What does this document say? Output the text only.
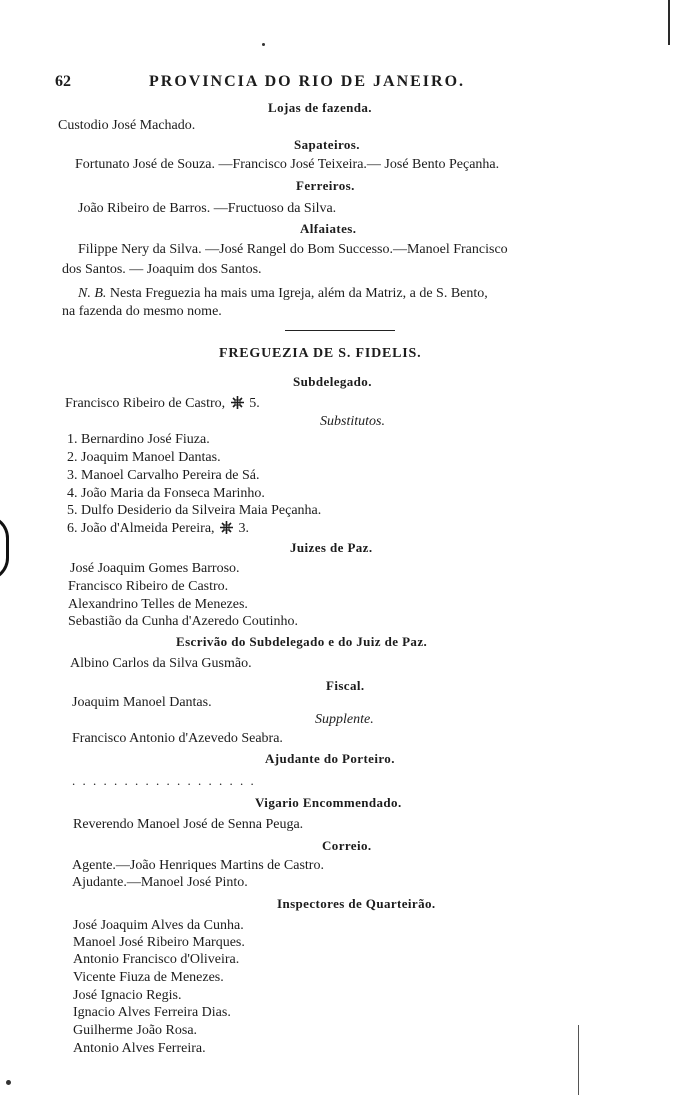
62	PROVINCIA DO RIO DE JANEIRO.
Lojas de fazenda.
Custodio José Machado.
Sapateiros.
Fortunato José de Souza. —Francisco José Teixeira.— José Bento Peçanha.
Ferreiros.
João Ribeiro de Barros. —Fructuoso da Silva.
Alfaiates.
Filippe Nery da Silva. —José Rangel do Bom Successo.—Manoel Francisco
dos Santos. — Joaquim dos Santos.
N. B. Nesta Freguezia ha mais uma Igreja, além da Matriz, a de S. Bento,
na fazenda do mesmo nome.
FREGUEZIA DE S. FIDELIS.
Subdelegado.
Francisco Ribeiro de Castro, 5.
Substitutos.
1. Bernardino José Fiuza.
2. Joaquim Manoel Dantas.
3. Manoel Carvalho Pereira de Sá.
4. João Maria da Fonseca Marinho.
5. Dulfo Desiderio da Silveira Maia Peçanha.
6. João d'Almeida Pereira, 3.
Juizes de Paz.
José Joaquim Gomes Barroso.
Francisco Ribeiro de Castro.
Alexandrino Telles de Menezes.
Sebastião da Cunha d'Azeredo Coutinho.
Escrivão do Subdelegado e do Juiz de Paz.
Albino Carlos da Silva Gusmão.
Fiscal.
Joaquim Manoel Dantas.
Supplente.
Francisco Antonio d'Azevedo Seabra.
Ajudante do Porteiro.
. . . . . . . . . . . . . . . . . .
Vigario Encommendado.
Reverendo Manoel José de Senna Peuga.
Correio.
Agente.—João Henriques Martins de Castro.
Ajudante.—Manoel José Pinto.
Inspectores de Quarteirão.
José Joaquim Alves da Cunha.
Manoel José Ribeiro Marques.
Antonio Francisco d'Oliveira.
Vicente Fiuza de Menezes.
José Ignacio Regis.
Ignacio Alves Ferreira Dias.
Guilherme João Rosa.
Antonio Alves Ferreira.
